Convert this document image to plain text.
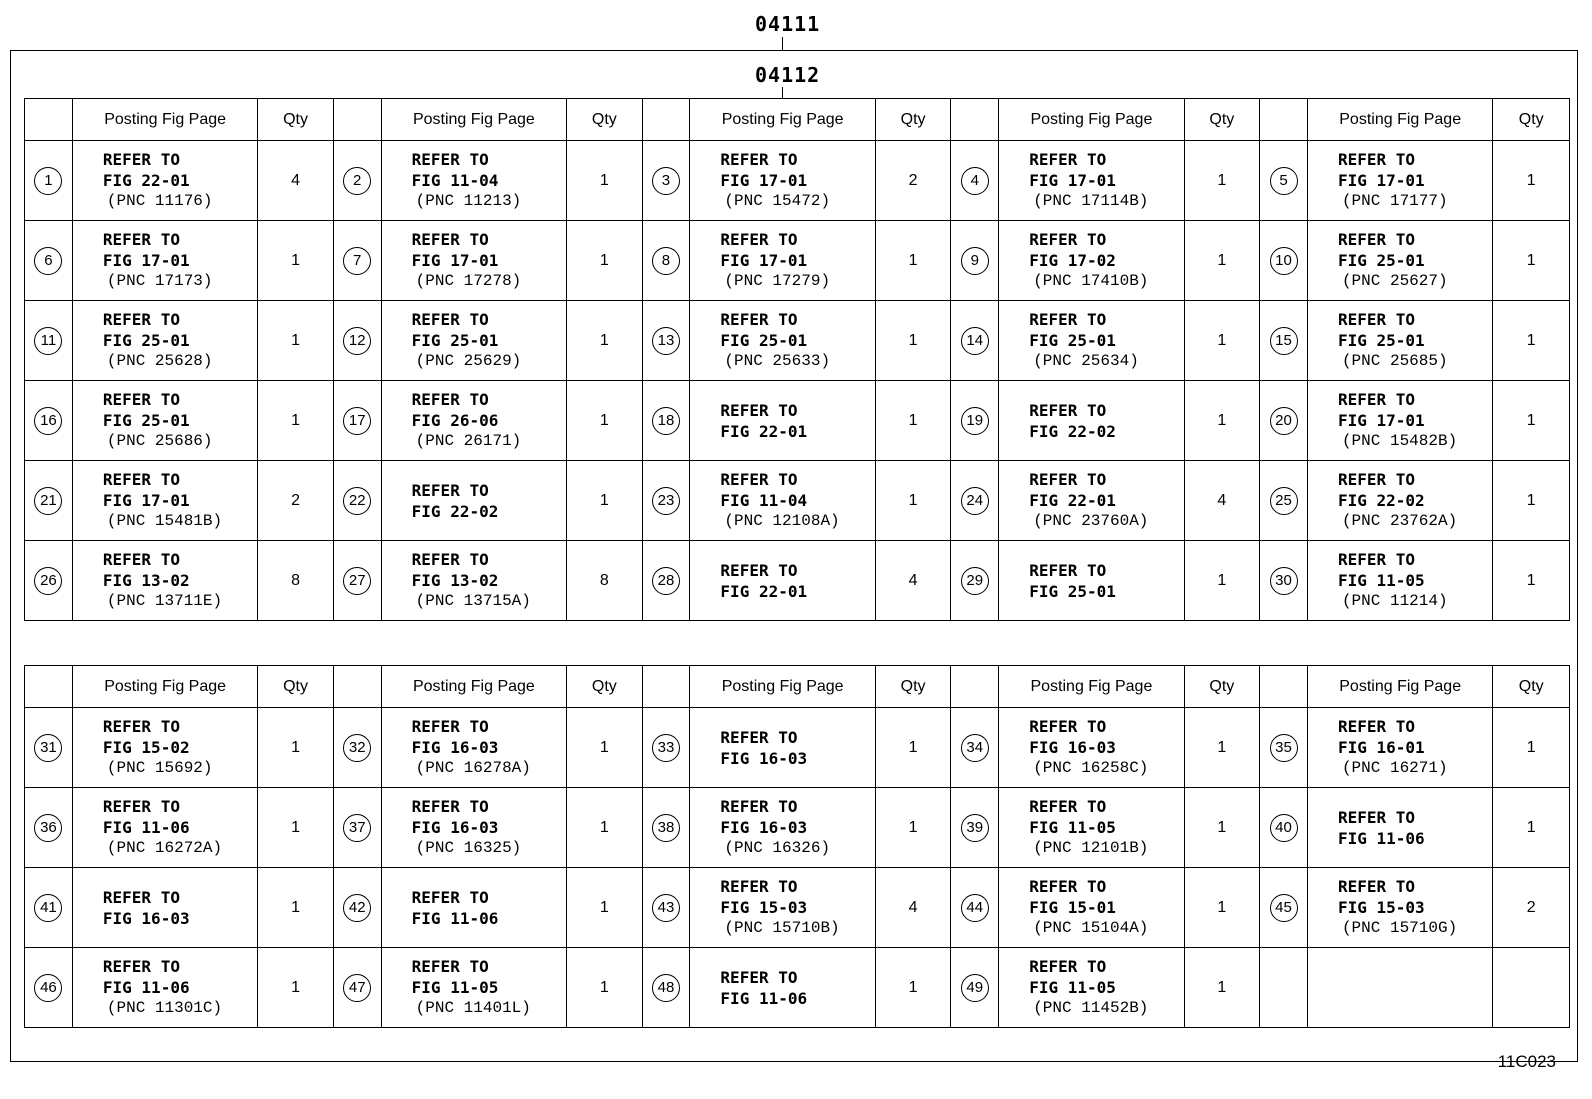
04111
04112
	Posting Fig Page	Qty		Posting Fig Page	Qty		Posting Fig Page	Qty		Posting Fig Page	Qty		Posting Fig Page	Qty
1	REFER TO
FIG 22-01
(PNC 11176)	4	2	REFER TO
FIG 11-04
(PNC 11213)	1	3	REFER TO
FIG 17-01
(PNC 15472)	2	4	REFER TO
FIG 17-01
(PNC 17114B)	1	5	REFER TO
FIG 17-01
(PNC 17177)	1
6	REFER TO
FIG 17-01
(PNC 17173)	1	7	REFER TO
FIG 17-01
(PNC 17278)	1	8	REFER TO
FIG 17-01
(PNC 17279)	1	9	REFER TO
FIG 17-02
(PNC 17410B)	1	10	REFER TO
FIG 25-01
(PNC 25627)	1
11	REFER TO
FIG 25-01
(PNC 25628)	1	12	REFER TO
FIG 25-01
(PNC 25629)	1	13	REFER TO
FIG 25-01
(PNC 25633)	1	14	REFER TO
FIG 25-01
(PNC 25634)	1	15	REFER TO
FIG 25-01
(PNC 25685)	1
16	REFER TO
FIG 25-01
(PNC 25686)	1	17	REFER TO
FIG 26-06
(PNC 26171)	1	18	REFER TO
FIG 22-01	1	19	REFER TO
FIG 22-02	1	20	REFER TO
FIG 17-01
(PNC 15482B)	1
21	REFER TO
FIG 17-01
(PNC 15481B)	2	22	REFER TO
FIG 22-02	1	23	REFER TO
FIG 11-04
(PNC 12108A)	1	24	REFER TO
FIG 22-01
(PNC 23760A)	4	25	REFER TO
FIG 22-02
(PNC 23762A)	1
26	REFER TO
FIG 13-02
(PNC 13711E)	8	27	REFER TO
FIG 13-02
(PNC 13715A)	8	28	REFER TO
FIG 22-01	4	29	REFER TO
FIG 25-01	1	30	REFER TO
FIG 11-05
(PNC 11214)	1
	Posting Fig Page	Qty		Posting Fig Page	Qty		Posting Fig Page	Qty		Posting Fig Page	Qty		Posting Fig Page	Qty
31	REFER TO
FIG 15-02
(PNC 15692)	1	32	REFER TO
FIG 16-03
(PNC 16278A)	1	33	REFER TO
FIG 16-03	1	34	REFER TO
FIG 16-03
(PNC 16258C)	1	35	REFER TO
FIG 16-01
(PNC 16271)	1
36	REFER TO
FIG 11-06
(PNC 16272A)	1	37	REFER TO
FIG 16-03
(PNC 16325)	1	38	REFER TO
FIG 16-03
(PNC 16326)	1	39	REFER TO
FIG 11-05
(PNC 12101B)	1	40	REFER TO
FIG 11-06	1
41	REFER TO
FIG 16-03	1	42	REFER TO
FIG 11-06	1	43	REFER TO
FIG 15-03
(PNC 15710B)	4	44	REFER TO
FIG 15-01
(PNC 15104A)	1	45	REFER TO
FIG 15-03
(PNC 15710G)	2
46	REFER TO
FIG 11-06
(PNC 11301C)	1	47	REFER TO
FIG 11-05
(PNC 11401L)	1	48	REFER TO
FIG 11-06	1	49	REFER TO
FIG 11-05
(PNC 11452B)	1			
11C023
